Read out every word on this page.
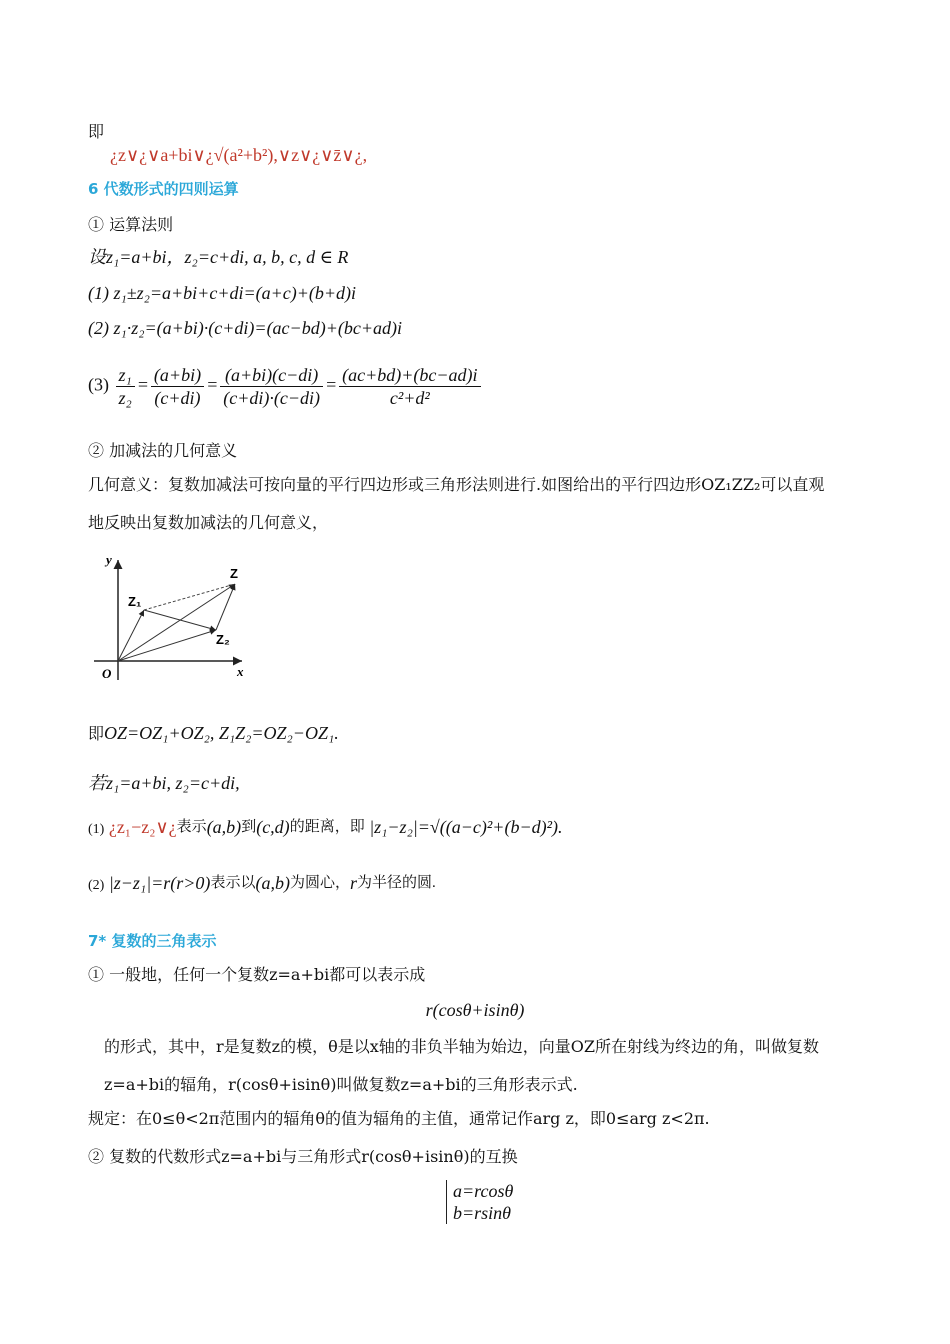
即
¿z∨¿∨a+bi∨¿√(a²+b²),∨z∨¿∨z̄∨¿,
6 代数形式的四则运算
① 运算法则
设z₁=a+bi，z₂=c+di, a, b, c, d ∈ R
(1) z₁±z₂=a+bi+c+di=(a+c)+(b+d)i
(2) z₁·z₂=(a+bi)·(c+di)=(ac−bd)+(bc+ad)i
$(3) \frac{\text{z₁}}{\text{z₂}} = \frac{(a+bi)}{(c+di)} = \frac{(a+bi)(c-di)}{(c+di)\cdot(c-di)} = \frac{(ac+bd)+(bc-ad)i}{\text{c²+d²}}$
② 加减法的几何意义
几何意义：复数加减法可按向量的平行四边形或三角形法则进行.如图给出的平行四边形OZ₁ZZ₂可以直观
地反映出复数加减法的几何意义，
y
x
O
Z
Z₁
Z₂
即OZ=OZ₁+OZ₂, Z₁Z₂=OZ₂−OZ₁.
若z₁=a+bi, z₂=c+di,
(1) ¿$z_1-z_2\vee¿^{表示}(a,b)^到(c,d)^{的距离,即}$ |z₁−z₂|=√((a−c)²+(b−d)²).
(2) $|z-z_1|=r(r>0)^{表示以}(a,b)^{为圆心,}r^{为半径的圆.}$
7* 复数的三角表示
① 一般地，任何一个复数z=a+bi都可以表示成
r(cosθ+isinθ)
的形式，其中，r是复数z的模，θ是以x轴的非负半轴为始边，向量OZ所在射线为终边的角，叫做复数
z=a+bi的辐角，r(cosθ+isinθ)叫做复数z=a+bi的三角形表示式.
规定：在0≤θ<2π范围内的辐角θ的值为辐角的主值，通常记作arg z，即0≤arg z<2π.
② 复数的代数形式z=a+bi与三角形式r(cosθ+isinθ)的互换
a=rcosθ
b=rsinθ
